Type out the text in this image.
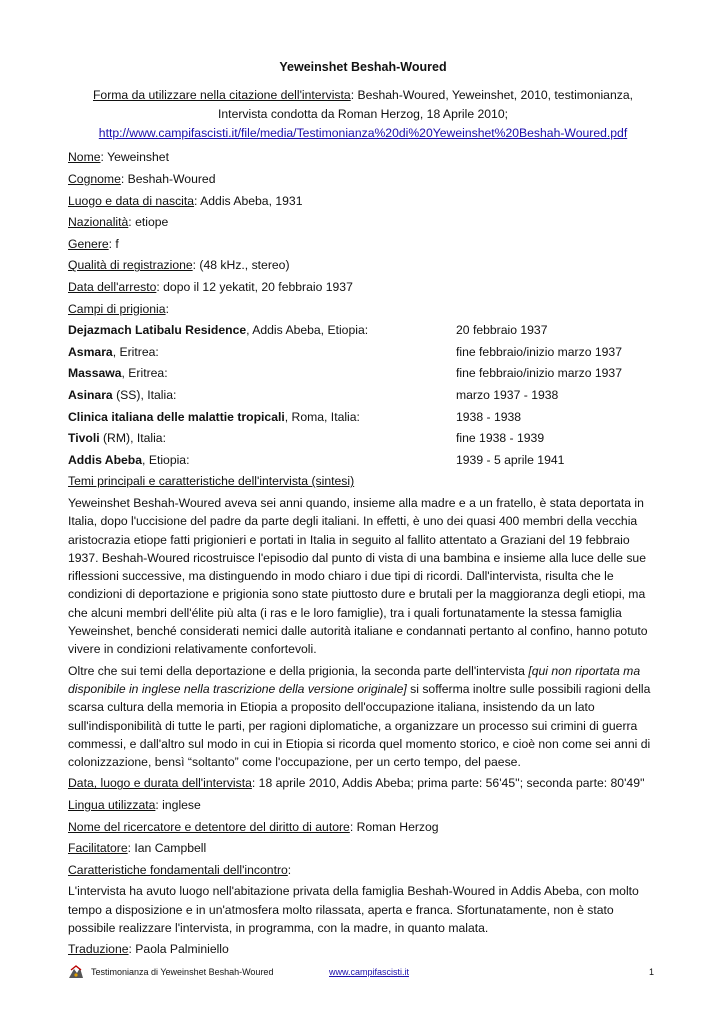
Yeweinshet Beshah-Woured
Forma da utilizzare nella citazione dell'intervista: Beshah-Woured, Yeweinshet, 2010, testimonianza,
Intervista condotta da Roman Herzog, 18 Aprile 2010;
http://www.campifascisti.it/file/media/Testimonianza%20di%20Yeweinshet%20Beshah-Woured.pdf
Nome: Yeweinshet
Cognome: Beshah-Woured
Luogo e data di nascita: Addis Abeba, 1931
Nazionalità: etiope
Genere: f
Qualità di registrazione: (48 kHz., stereo)
Data dell'arresto: dopo il 12 yekatit, 20 febbraio 1937
Campi di prigionia:
Dejazmach Latibalu Residence, Addis Abeba, Etiopia:	20 febbraio 1937
Asmara, Eritrea:	fine febbraio/inizio marzo 1937
Massawa, Eritrea:	fine febbraio/inizio marzo 1937
Asinara (SS), Italia:	marzo 1937 - 1938
Clinica italiana delle malattie tropicali, Roma, Italia:	1938 - 1938
Tivoli (RM), Italia:	fine 1938 - 1939
Addis Abeba, Etiopia:	1939 - 5 aprile 1941
Temi principali e caratteristiche dell'intervista (sintesi)
Yeweinshet Beshah-Woured aveva sei anni quando, insieme alla madre e a un fratello, è stata deportata in Italia, dopo l'uccisione del padre da parte degli italiani. In effetti, è uno dei quasi 400 membri della vecchia aristocrazia etiope fatti prigionieri e portati in Italia in seguito al fallito attentato a Graziani del 19 febbraio 1937. Beshah-Woured ricostruisce l'episodio dal punto di vista di una bambina e insieme alla luce delle sue riflessioni successive, ma distinguendo in modo chiaro i due tipi di ricordi. Dall'intervista, risulta che le condizioni di deportazione e prigionia sono state piuttosto dure e brutali per la maggioranza degli etiopi, ma che alcuni membri dell'élite più alta (i ras e le loro famiglie), tra i quali fortunatamente la stessa famiglia Yeweinshet, benché considerati nemici dalle autorità italiane e condannati pertanto al confino, hanno potuto vivere in condizioni relativamente confortevoli.
Oltre che sui temi della deportazione e della prigionia, la seconda parte dell'intervista [qui non riportata ma disponibile in inglese nella trascrizione della versione originale] si sofferma inoltre sulle possibili ragioni della scarsa cultura della memoria in Etiopia a proposito dell'occupazione italiana, insistendo da un lato sull'indisponibilità di tutte le parti, per ragioni diplomatiche, a organizzare un processo sui crimini di guerra commessi, e dall'altro sul modo in cui in Etiopia si ricorda quel momento storico, e cioè non come sei anni di colonizzazione, bensì “soltanto” come l'occupazione, per un certo tempo, del paese.
Data, luogo e durata dell'intervista: 18 aprile 2010, Addis Abeba; prima parte: 56'45''; seconda parte: 80'49''
Lingua utilizzata: inglese
Nome del ricercatore e detentore del diritto di autore: Roman Herzog
Facilitatore: Ian Campbell
Caratteristiche fondamentali dell'incontro:
L'intervista ha avuto luogo nell'abitazione privata della famiglia Beshah-Woured in Addis Abeba, con molto tempo a disposizione e in un'atmosfera molto rilassata, aperta e franca. Sfortunatamente, non è stato possibile realizzare l'intervista, in programma, con la madre, in quanto malata.
Traduzione: Paola Palminiello
Testimonianza di Yeweinshet Beshah-Woured	www.campifascisti.it	1
